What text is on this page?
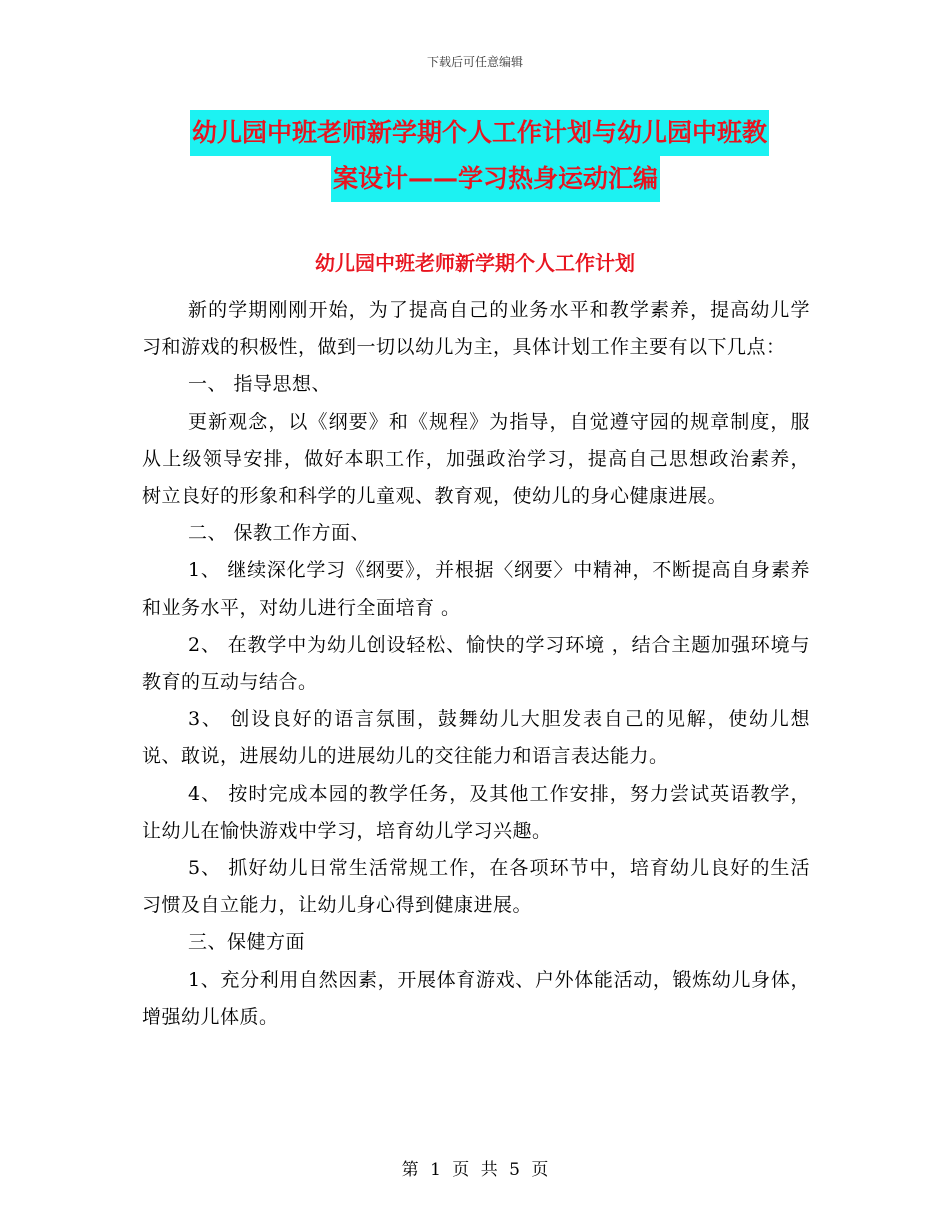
下载后可任意编辑
幼儿园中班老师新学期个人工作计划与幼儿园中班教
案设计——学习热身运动汇编
幼儿园中班老师新学期个人工作计划

新的学期刚刚开始，为了提高自己的业务水平和教学素养，提高幼儿学习和游戏的积极性，做到一切以幼儿为主，具体计划工作主要有以下几点：

一、 指导思想、

更新观念，以《纲要》和《规程》为指导，自觉遵守园的规章制度，服从上级领导安排，做好本职工作，加强政治学习，提高自己思想政治素养， 树立良好的形象和科学的儿童观、教育观，使幼儿的身心健康进展。

二、 保教工作方面、

1、 继续深化学习《纲要》，并根据〈纲要〉中精神，不断提高自身素养和业务水平，对幼儿进行全面培育 。

2、 在教学中为幼儿创设轻松、愉快的学习环境 ，结合主题加强环境与教育的互动与结合。

3、 创设良好的语言氛围，鼓舞幼儿大胆发表自己的见解，使幼儿想说、敢说，进展幼儿的进展幼儿的交往能力和语言表达能力。

4、 按时完成本园的教学任务，及其他工作安排，努力尝试英语教学，让幼儿在愉快游戏中学习，培育幼儿学习兴趣。

5、 抓好幼儿日常生活常规工作，在各项环节中，培育幼儿良好的生活习惯及自立能力，让幼儿身心得到健康进展。

三、保健方面

1、充分利用自然因素，开展体育游戏、户外体能活动，锻炼幼儿身体，增强幼儿体质。

第 1 页 共 5 页
